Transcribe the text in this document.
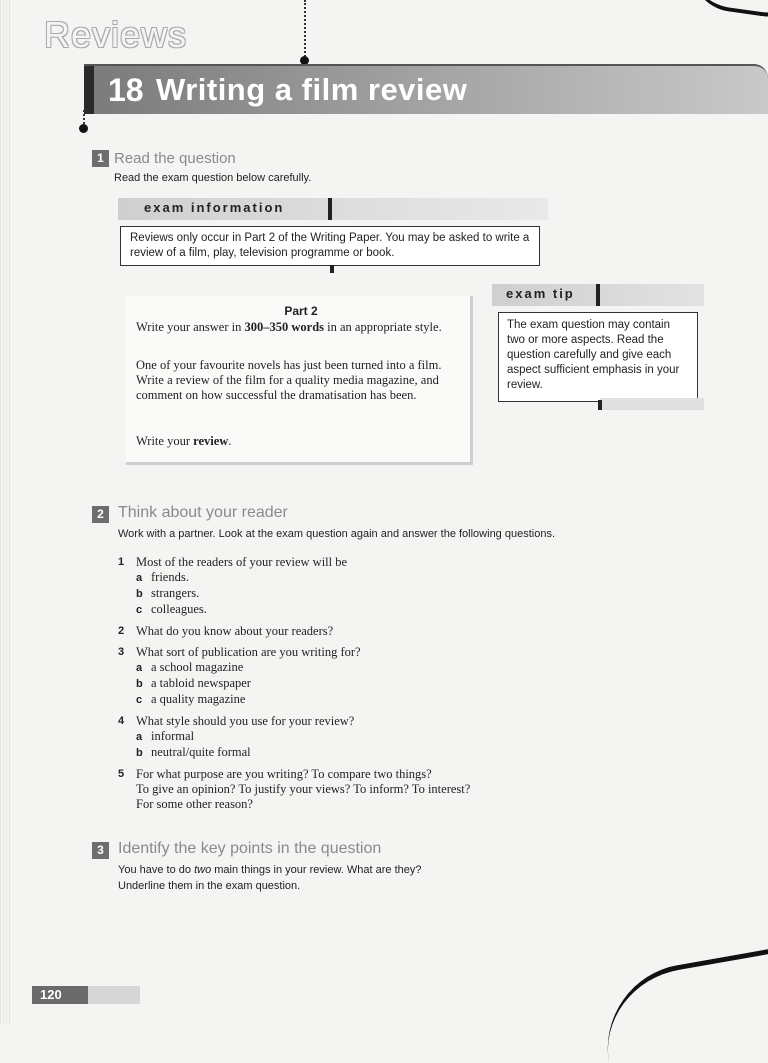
Reviews
18 Writing a film review
1 Read the question
Read the exam question below carefully.
exam information

Reviews only occur in Part 2 of the Writing Paper. You may be asked to write a review of a film, play, television programme or book.

exam tip

The exam question may contain two or more aspects. Read the question carefully and give each aspect sufficient emphasis in your review.

Part 2

Write your answer in 300–350 words in an appropriate style.

One of your favourite novels has just been turned into a film. Write a review of the film for a quality media magazine, and comment on how successful the dramatisation has been.

Write your review.

2 Think about your reader
Work with a partner. Look at the exam question again and answer the following questions.
1 Most of the readers of your review will be
a friends.
b strangers.
c colleagues.
2 What do you know about your readers?
3 What sort of publication are you writing for?
a a school magazine
b a tabloid newspaper
c a quality magazine
4 What style should you use for your review?
a informal
b neutral/quite formal
5 For what purpose are you writing? To compare two things?
To give an opinion? To justify your views? To inform? To interest?
For some other reason?
3 Identify the key points in the question
You have to do two main things in your review. What are they?
Underline them in the exam question.
120
